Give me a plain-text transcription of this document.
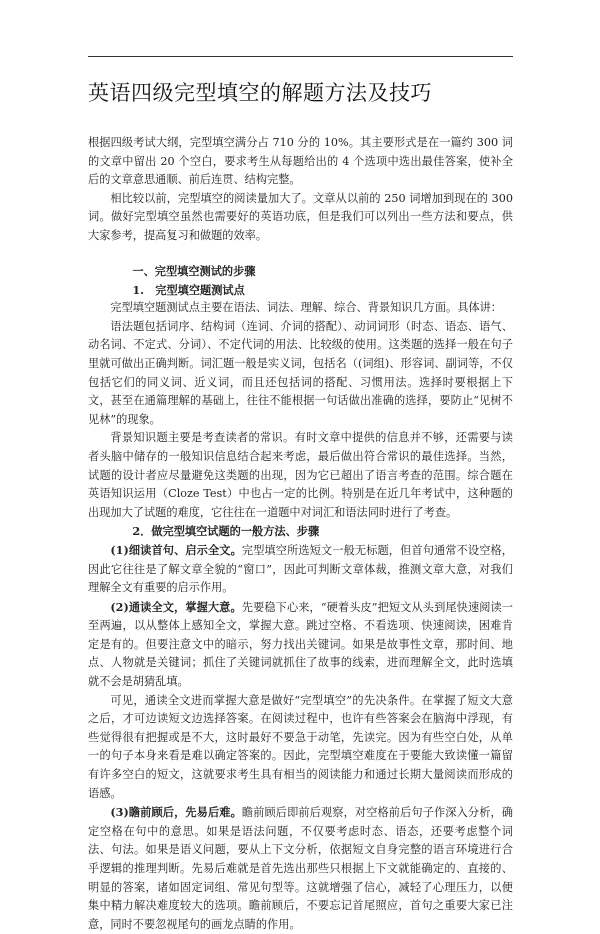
英语四级完型填空的解题方法及技巧

根据四级考试大纲，完型填空满分占 710 分的 10%。其主要形式是在一篇约 300 词的文章中留出 20 个空白，要求考生从每题给出的 4 个选项中选出最佳答案，使补全后的文章意思通顺、前后连贯、结构完整。

相比较以前，完型填空的阅读量加大了。文章从以前的 250 词增加到现在的 300 词。做好完型填空虽然也需要好的英语功底，但是我们可以列出一些方法和要点，供大家参考，提高复习和做题的效率。

一、完型填空测试的步骤

1.　完型填空题测试点

完型填空题测试点主要在语法、词法、理解、综合、背景知识几方面。具体讲：

语法题包括词序、结构词（连词、介词的搭配）、动词词形（时态、语态、语气、动名词、不定式、分词）、不定代词的用法、比较级的使用。这类题的选择一般在句子里就可做出正确判断。词汇题一般是实义词，包括名（(词组)、形容词、副词等，不仅包括它们的同义词、近义词，而且还包括词的搭配、习惯用法。选择时要根据上下文，甚至在通篇理解的基础上，往往不能根据一句话做出准确的选择，要防止“见树不见林”的现象。

背景知识题主要是考查读者的常识。有时文章中提供的信息并不够，还需要与读者头脑中储存的一般知识信息结合起来考虑，最后做出符合常识的最佳选择。当然，试题的设计者应尽量避免这类题的出现，因为它已超出了语言考查的范围。综合题在英语知识运用（Cloze Test）中也占一定的比例。特别是在近几年考试中，这种题的出现加大了试题的难度，它往往在一道题中对词汇和语法同时进行了考查。

2．做完型填空试题的一般方法、步骤

(1)细读首句、启示全文。完型填空所选短文一般无标题，但首句通常不设空格，因此它往往是了解文章全貌的“窗口”，因此可判断文章体裁，推测文章大意，对我们理解全文有重要的启示作用。

(2)通读全文，掌握大意。先要稳下心来，“硬着头皮”把短文从头到尾快速阅读一至两遍，以从整体上感知全文，掌握大意。跳过空格、不看选项、快速阅读，困难肯定是有的。但要注意文中的暗示，努力找出关键词。如果是故事性文章，那时间、地点、人物就是关键词；抓住了关键词就抓住了故事的线索，进而理解全文，此时选填就不会是胡猜乱填。

可见，通读全文进而掌握大意是做好“完型填空”的先决条件。在掌握了短文大意之后，才可边读短文边选择答案。在阅读过程中，也许有些答案会在脑海中浮现，有些觉得很有把握或是不大，这时最好不要急于动笔，先读完。因为有些空白处，从单一的句子本身来看是难以确定答案的。因此，完型填空难度在于要能大致读懂一篇留有许多空白的短文，这就要求考生具有相当的阅读能力和通过长期大量阅读而形成的语感。

(3)瞻前顾后，先易后难。瞻前顾后即前后观察，对空格前后句子作深入分析，确定空格在句中的意思。如果是语法问题，不仅要考虑时态、语态，还要考虑整个词法、句法。如果是语义问题，要从上下文分析，依据短文自身完整的语言环境进行合乎逻辑的推理判断。先易后难就是首先选出那些只根据上下文就能确定的、直接的、明显的答案，诸如固定词组、常见句型等。这就增强了信心，减轻了心理压力，以便集中精力解决难度较大的选项。瞻前顾后，不要忘记首尾照应，首句之重要大家已注意，同时不要忽视尾句的画龙点睛的作用。
